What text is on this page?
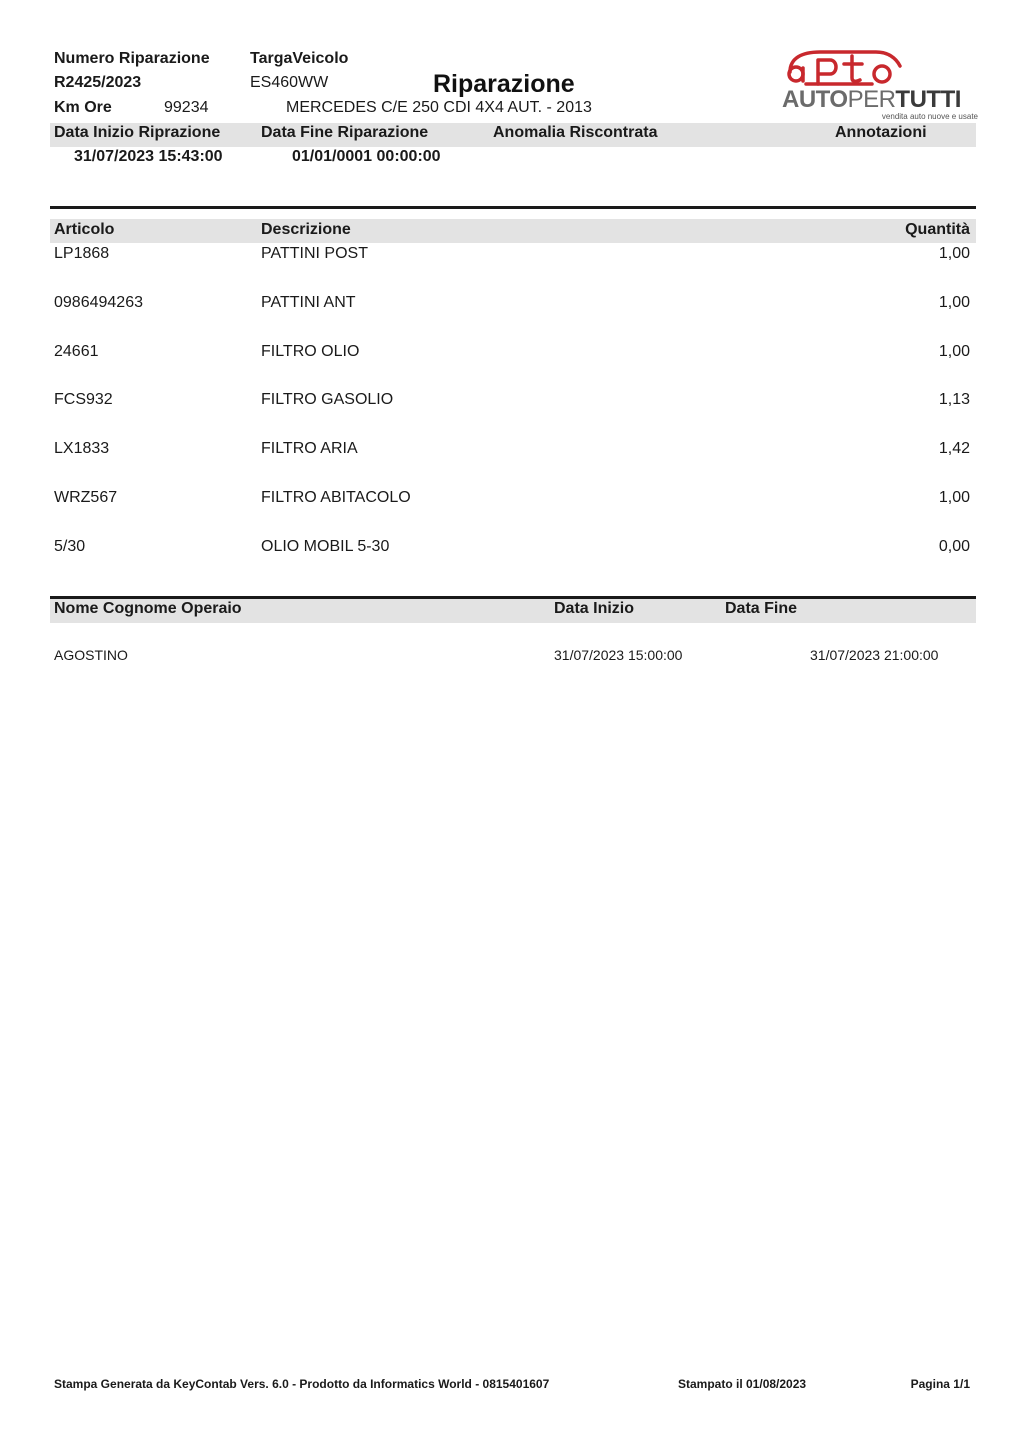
Numero Riparazione
R2425/2023
TargaVeicolo
ES460WW	Riparazione
Km Ore	99234	MERCEDES C/E 250 CDI 4X4 AUT. - 2013	AUTOPERTUTTI
vendita auto nuove e usate
Data Inizio Riprazione	Data Fine Riparazione	Anomalia Riscontrata	Annotazioni
31/07/2023 15:43:00	01/01/0001 00:00:00
Articolo	Descrizione	Quantità
LP1868	PATTINI POST	1,00
0986494263	PATTINI ANT	1,00
24661	FILTRO OLIO	1,00
FCS932	FILTRO GASOLIO	1,13
LX1833	FILTRO ARIA	1,42
WRZ567	FILTRO ABITACOLO	1,00
5/30	OLIO MOBIL 5-30	0,00
Nome Cognome Operaio	Data Inizio	Data Fine
AGOSTINO	31/07/2023 15:00:00	31/07/2023 21:00:00
Stampa Generata da KeyContab Vers. 6.0 - Prodotto da Informatics World - 0815401607	Stampato il 01/08/2023	Pagina 1/1
